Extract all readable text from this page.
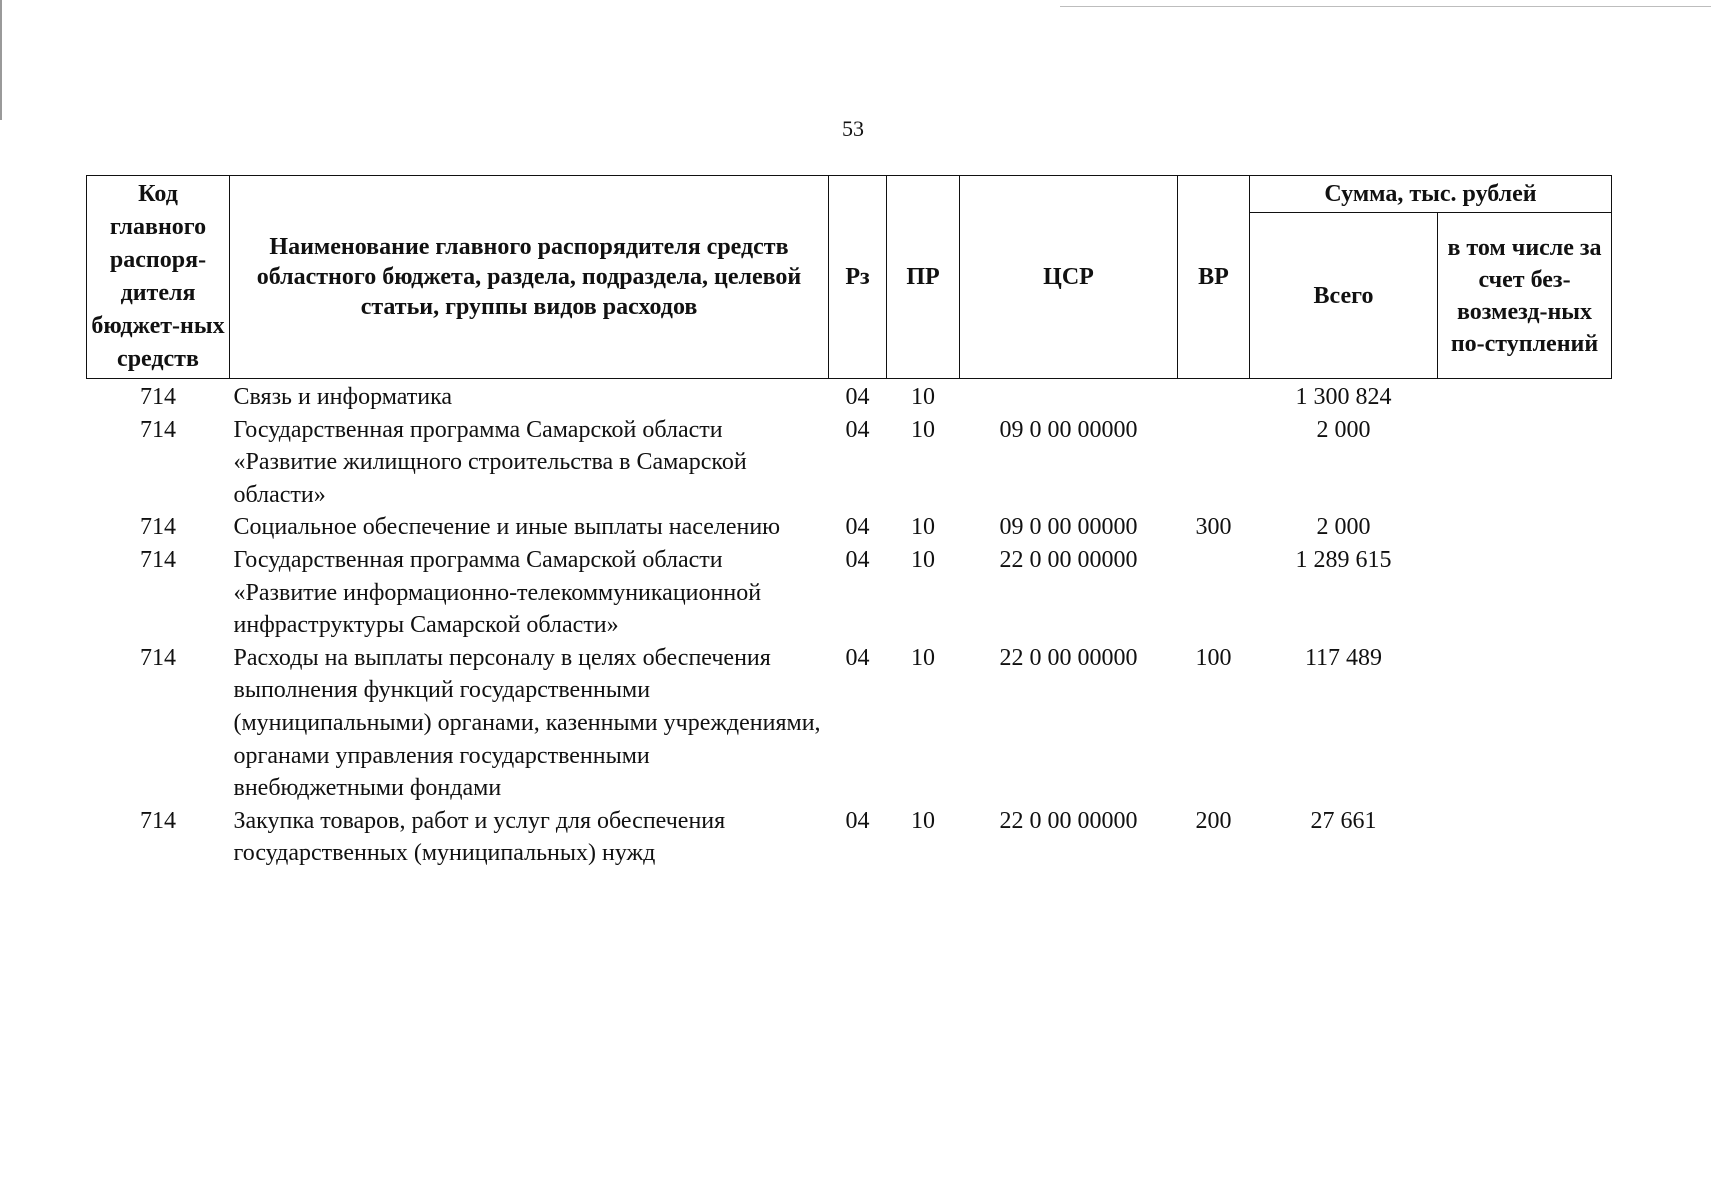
53
Код главного распоря-дителя бюджет-ных средств	Наименование главного распорядителя средств областного бюджета, раздела, подраздела, целевой статьи, группы видов расходов	Рз	ПР	ЦСР	ВР	Сумма, тыс. рублей	
						Всего	в том числе за счет без-возмезд-ных по-ступлений
714	Связь и информатика	04	10			1 300 824	
714	Государственная программа Самарской области «Развитие жилищного строительства в Самарской области»	04	10	09 0 00 00000		2 000	
714	Социальное обеспечение и иные выплаты населению	04	10	09 0 00 00000	300	2 000	
714	Государственная программа Самарской области «Развитие информационно-телекоммуникационной инфраструктуры Самарской области»	04	10	22 0 00 00000		1 289 615	
714	Расходы на выплаты персоналу в целях обеспечения выполнения функций государственными (муниципальными) органами, казенными учреждениями, органами управления государственными внебюджетными фондами	04	10	22 0 00 00000	100	117 489	
714	Закупка товаров, работ и услуг для обеспечения государственных (муниципальных) нужд	04	10	22 0 00 00000	200	27 661	
